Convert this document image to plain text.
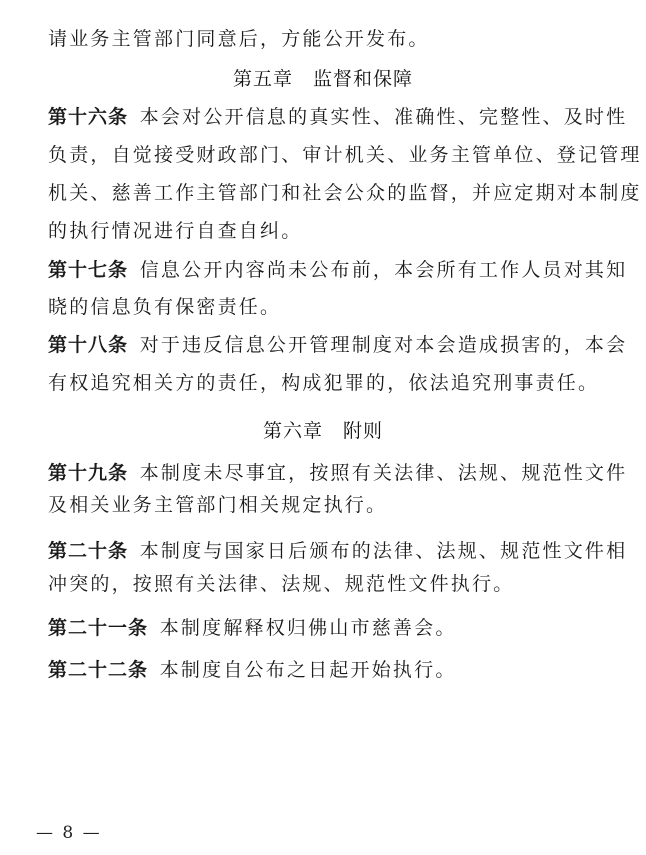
请业务主管部门同意后，方能公开发布。
第五章　监督和保障
第十六条  本会对公开信息的真实性、准确性、完整性、及时性
负责，自觉接受财政部门、审计机关、业务主管单位、登记管理
机关、慈善工作主管部门和社会公众的监督，并应定期对本制度
的执行情况进行自查自纠。
第十七条  信息公开内容尚未公布前，本会所有工作人员对其知
晓的信息负有保密责任。
第十八条  对于违反信息公开管理制度对本会造成损害的，本会
有权追究相关方的责任，构成犯罪的，依法追究刑事责任。
第六章　附则
第十九条  本制度未尽事宜，按照有关法律、法规、规范性文件
及相关业务主管部门相关规定执行。
第二十条  本制度与国家日后颁布的法律、法规、规范性文件相
冲突的，按照有关法律、法规、规范性文件执行。
第二十一条  本制度解释权归佛山市慈善会。
第二十二条  本制度自公布之日起开始执行。
— 8 —
